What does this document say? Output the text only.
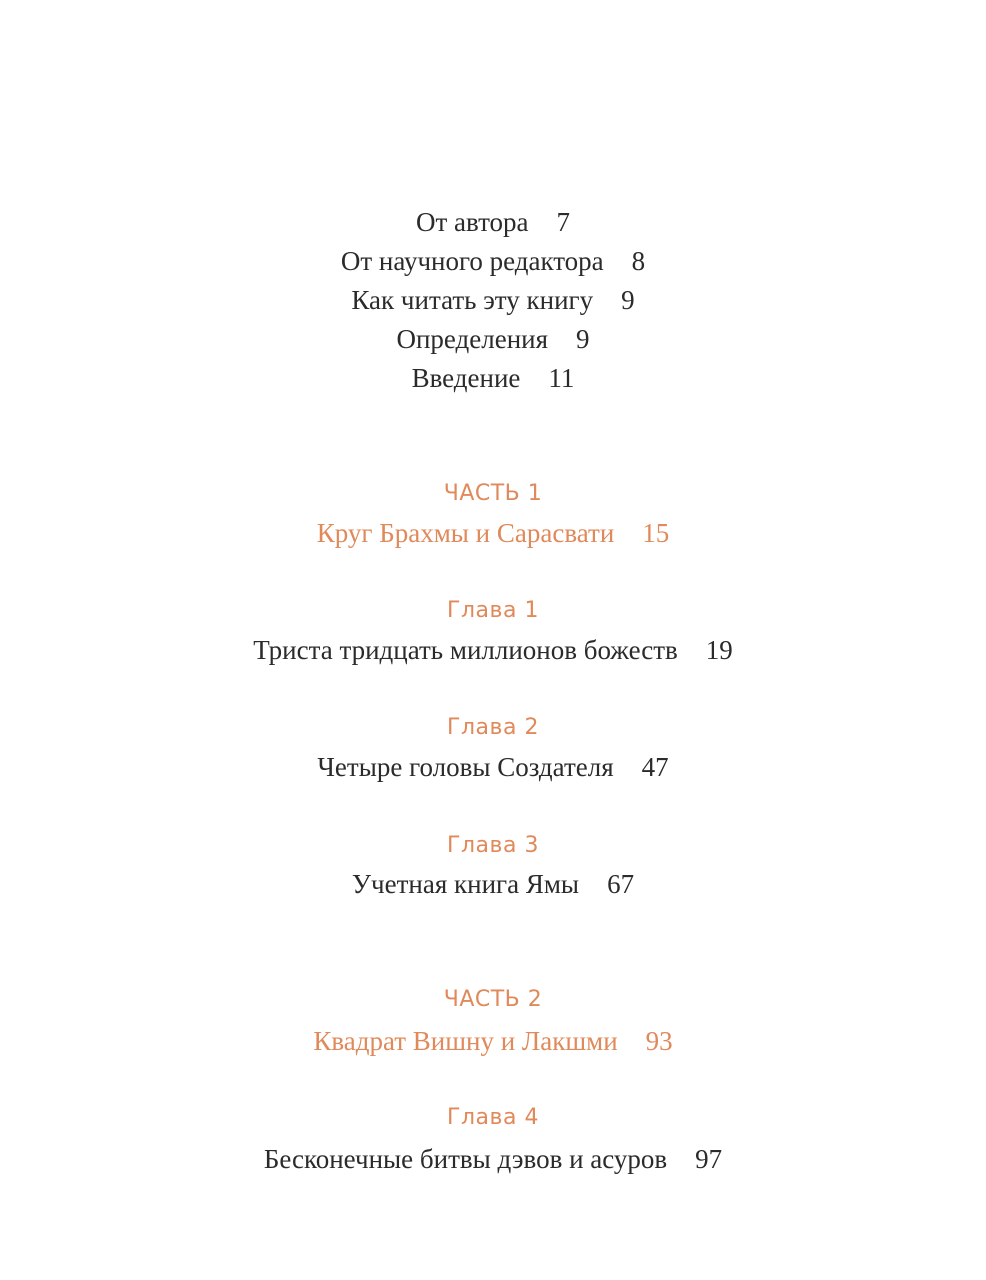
От автора 7
От научного редактора 8
Как читать эту книгу 9
Определения 9
Введение 11
ЧАСТЬ 1
Круг Брахмы и Сарасвати 15
Глава 1
Триста тридцать миллионов божеств 19
Глава 2
Четыре головы Создателя 47
Глава 3
Учетная книга Ямы 67
ЧАСТЬ 2
Квадрат Вишну и Лакшми 93
Глава 4
Бесконечные битвы дэвов и асуров 97
